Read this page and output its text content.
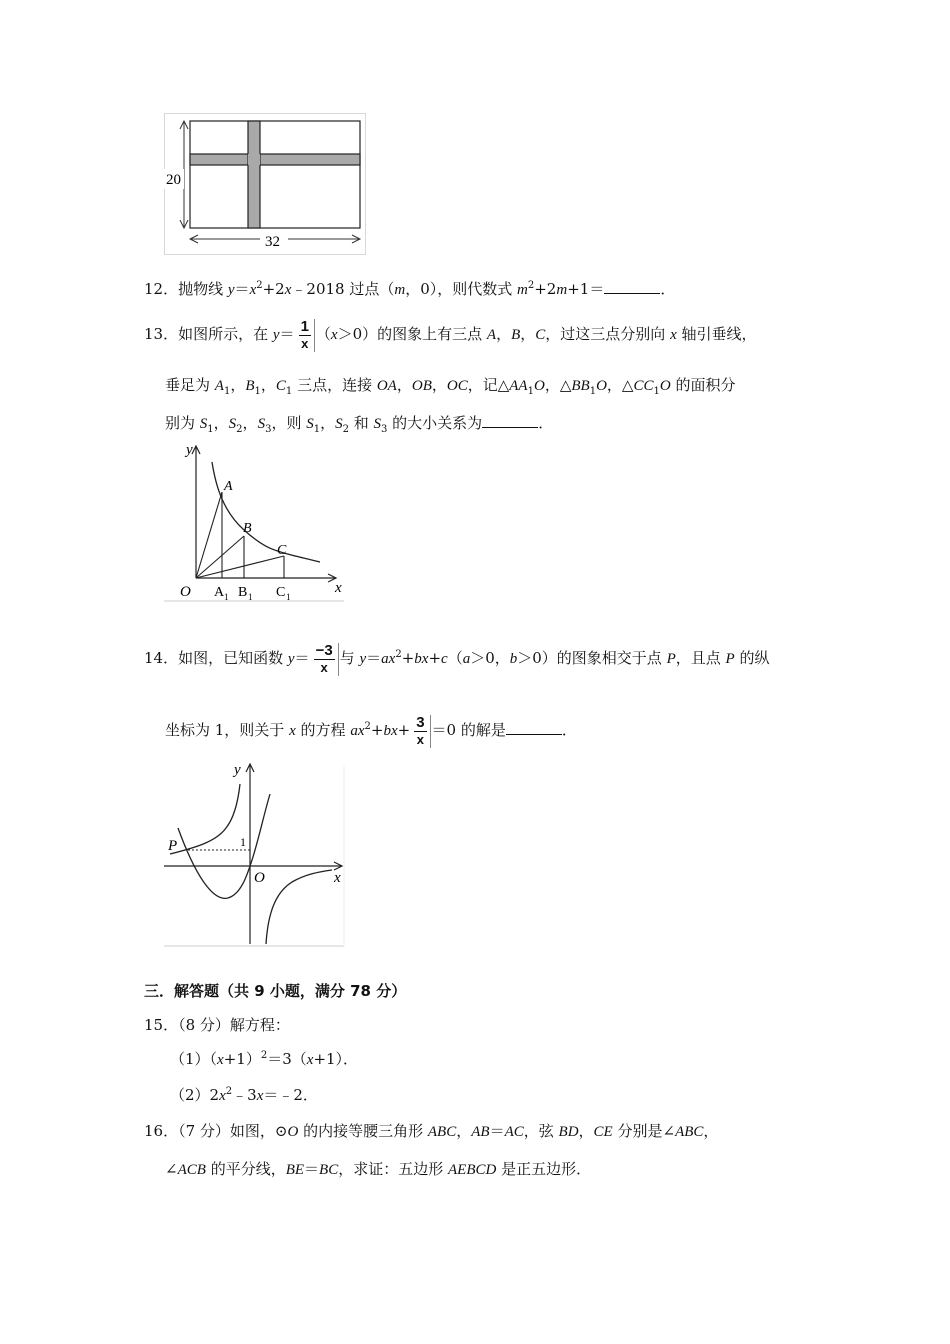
20
32
12．抛物线 $y=x^2+2x﹣2018$ 过点（m，0），则代数式 $m^2+2m+1=$	．
13．如图所示，在 $y= \frac{1}{x} (x>0)$的图象上有三点 A，B，C，过这三点分别向 x 轴引垂线，
垂足为 $A_1$，$B_1$，$C_1$ 三点，连接 OA，OB，OC，记$\triangle AA_1O$，$\triangle BB_1O$，$\triangle CC_1O$ 的面积分
别为 $S_1$，$S_2$，$S_3$，则 $S_1$，$S_2$ 和 $S_3$ 的大小关系为	．
y
x
O
A
B
C
A 1 B 1 C 1
14．如图，已知函数 $y= \frac{-3}{x}$ 与 $y=ax^2+bx+c(a>0$，b＞0）的图象相交于点 P，且点 P 的纵
坐标为 1，则关于 x 的方程 $ax^2+bx+ \frac{3}{x} =0$ 的解是	．
y
x
O
P	1
三．解答题（共 9 小题，满分 78 分）
15．（8 分）解方程：
$(1)(x+1)^2=3(x+1)$．
$(2)2x^2﹣3x=﹣2$．
16．（7 分）如图，⊙O 的内接等腰三角形 ABC，AB＝AC，弦 BD，CE 分别是∠ABC，
∠ACB 的平分线，BE＝BC，求证：五边形 AEBCD 是正五边形．
